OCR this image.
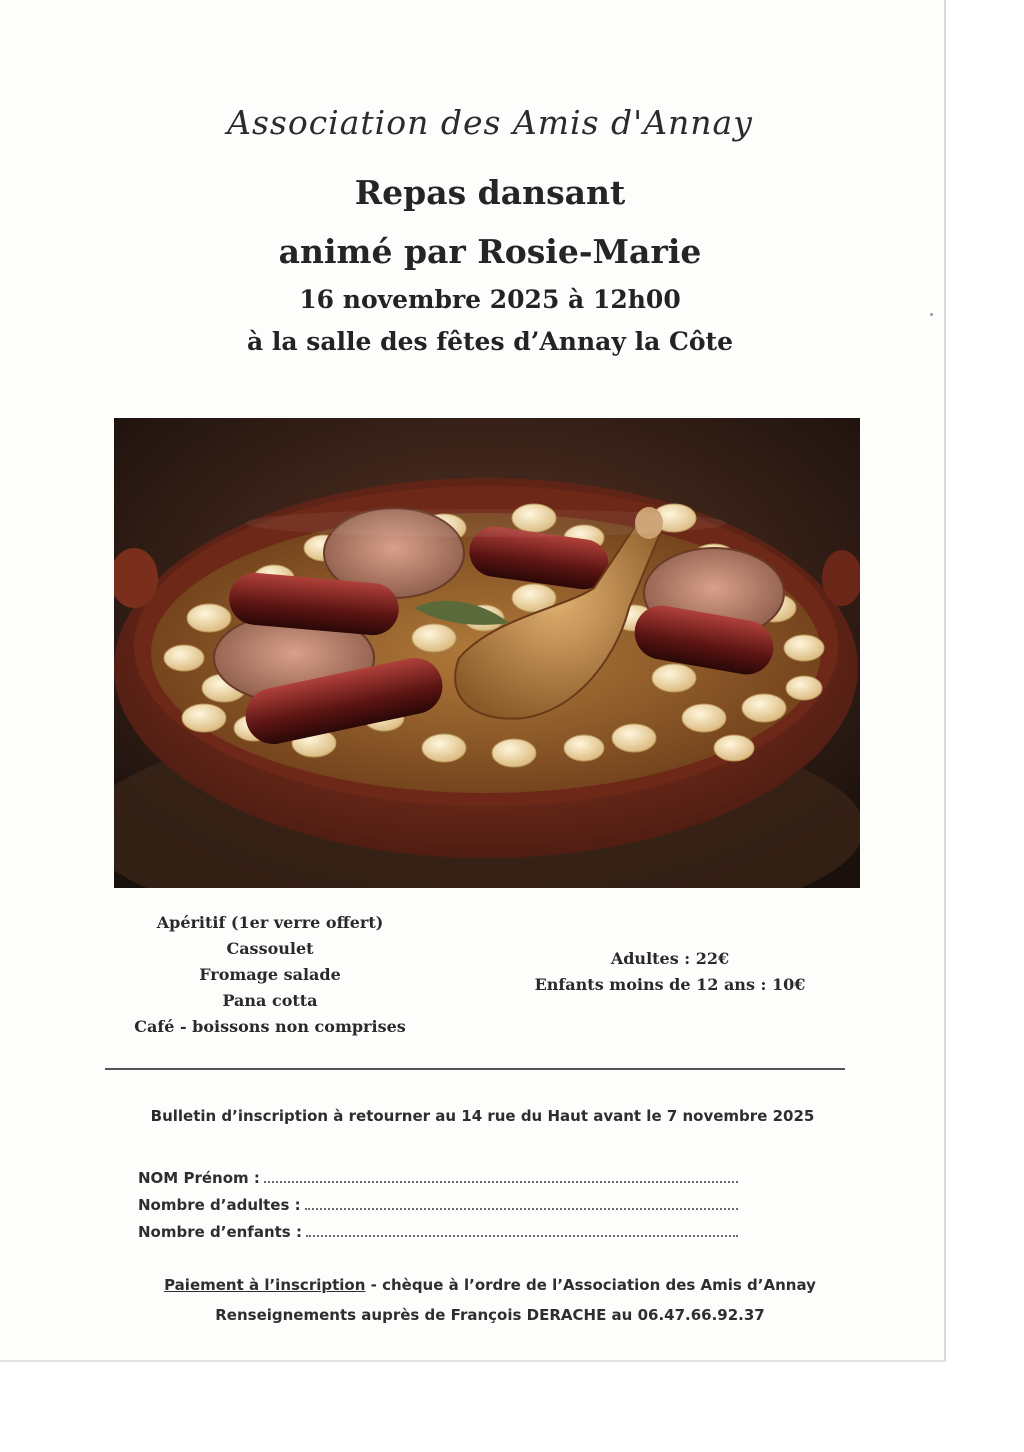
Association des Amis d'Annay
Repas dansant
animé par Rosie-Marie
16 novembre 2025 à 12h00
à la salle des fêtes d’Annay la Côte
Apéritif (1er verre offert)
Cassoulet
Fromage salade
Pana cotta
Café - boissons non comprises
Adultes : 22€
Enfants moins de 12 ans : 10€
Bulletin d’inscription à retourner au 14 rue du Haut avant le 7 novembre 2025
NOM Prénom :
Nombre d’adultes :
Nombre d’enfants :
Paiement à l’inscription - chèque à l’ordre de l’Association des Amis d’Annay
Renseignements auprès de François DERACHE au 06.47.66.92.37
